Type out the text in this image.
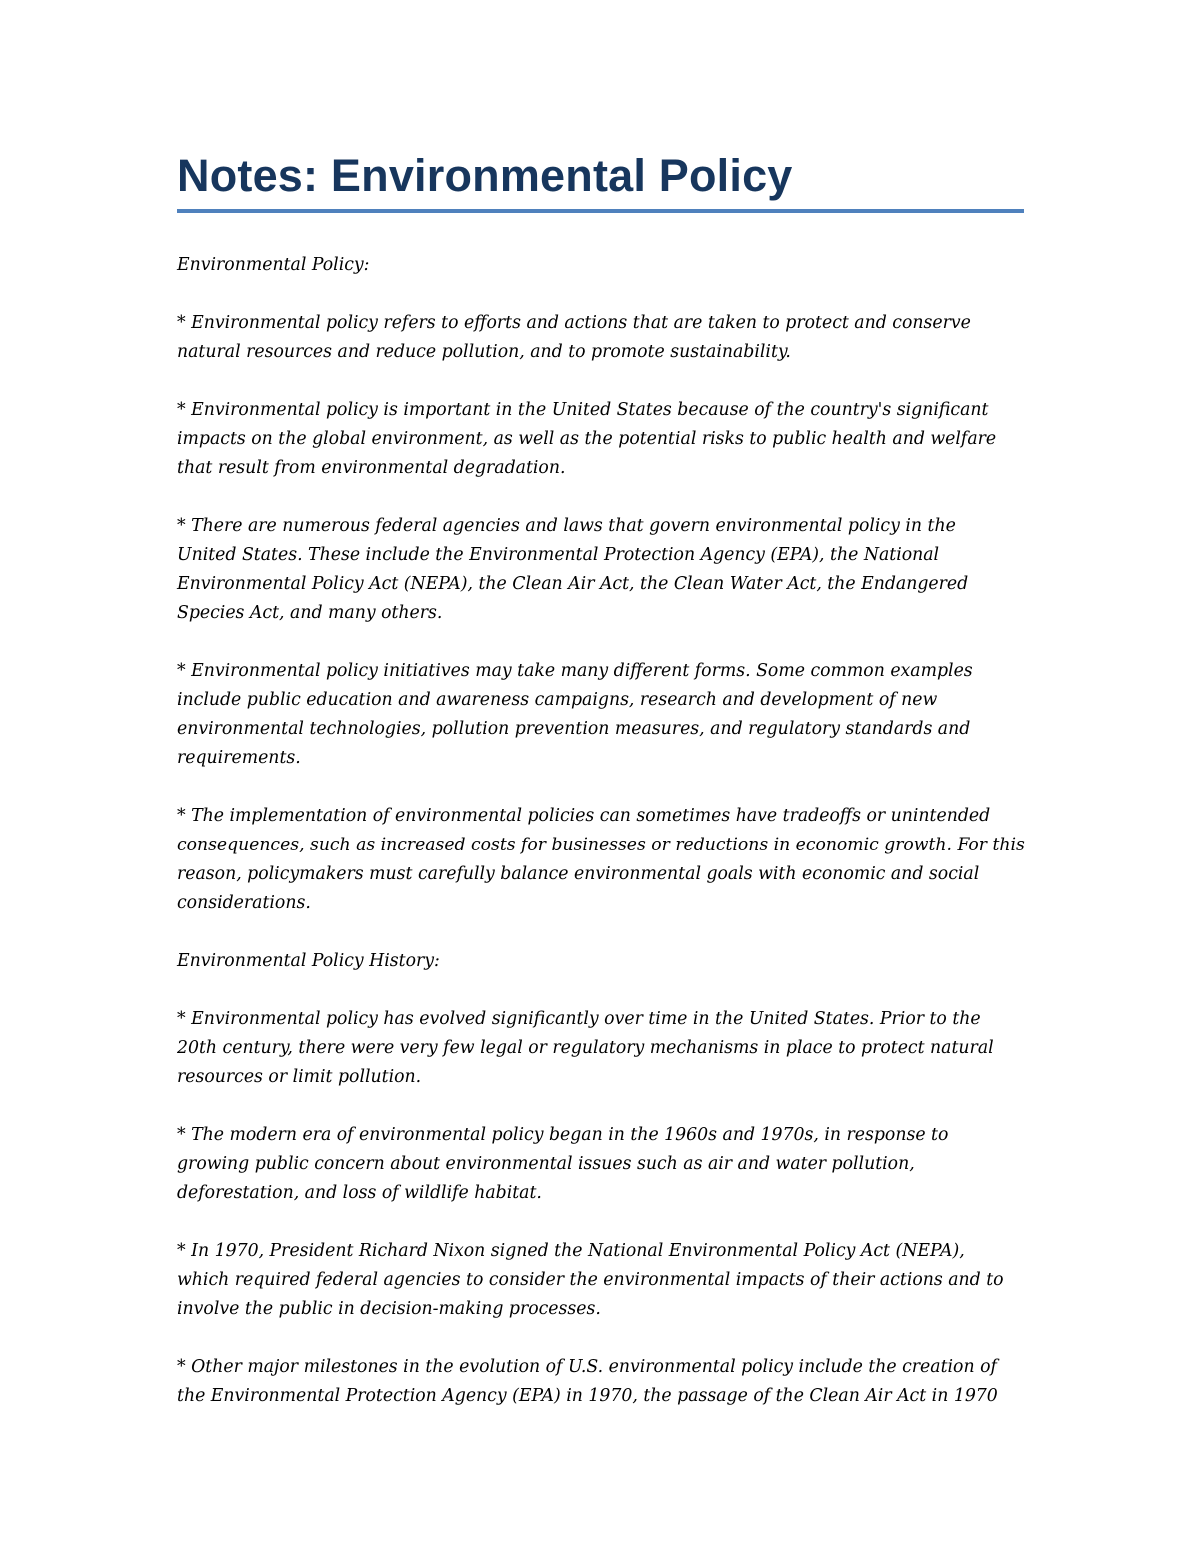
Notes: Environmental Policy
Environmental Policy:
* Environmental policy refers to efforts and actions that are taken to protect and conserve
natural resources and reduce pollution, and to promote sustainability.
* Environmental policy is important in the United States because of the country's significant
impacts on the global environment, as well as the potential risks to public health and welfare
that result from environmental degradation.
* There are numerous federal agencies and laws that govern environmental policy in the
United States. These include the Environmental Protection Agency (EPA), the National
Environmental Policy Act (NEPA), the Clean Air Act, the Clean Water Act, the Endangered
Species Act, and many others.
* Environmental policy initiatives may take many different forms. Some common examples
include public education and awareness campaigns, research and development of new
environmental technologies, pollution prevention measures, and regulatory standards and
requirements.
* The implementation of environmental policies can sometimes have tradeoffs or unintended
consequences, such as increased costs for businesses or reductions in economic growth. For this
reason, policymakers must carefully balance environmental goals with economic and social
considerations.
Environmental Policy History:
* Environmental policy has evolved significantly over time in the United States. Prior to the
20th century, there were very few legal or regulatory mechanisms in place to protect natural
resources or limit pollution.
* The modern era of environmental policy began in the 1960s and 1970s, in response to
growing public concern about environmental issues such as air and water pollution,
deforestation, and loss of wildlife habitat.
* In 1970, President Richard Nixon signed the National Environmental Policy Act (NEPA),
which required federal agencies to consider the environmental impacts of their actions and to
involve the public in decision-making processes.
* Other major milestones in the evolution of U.S. environmental policy include the creation of
the Environmental Protection Agency (EPA) in 1970, the passage of the Clean Air Act in 1970
